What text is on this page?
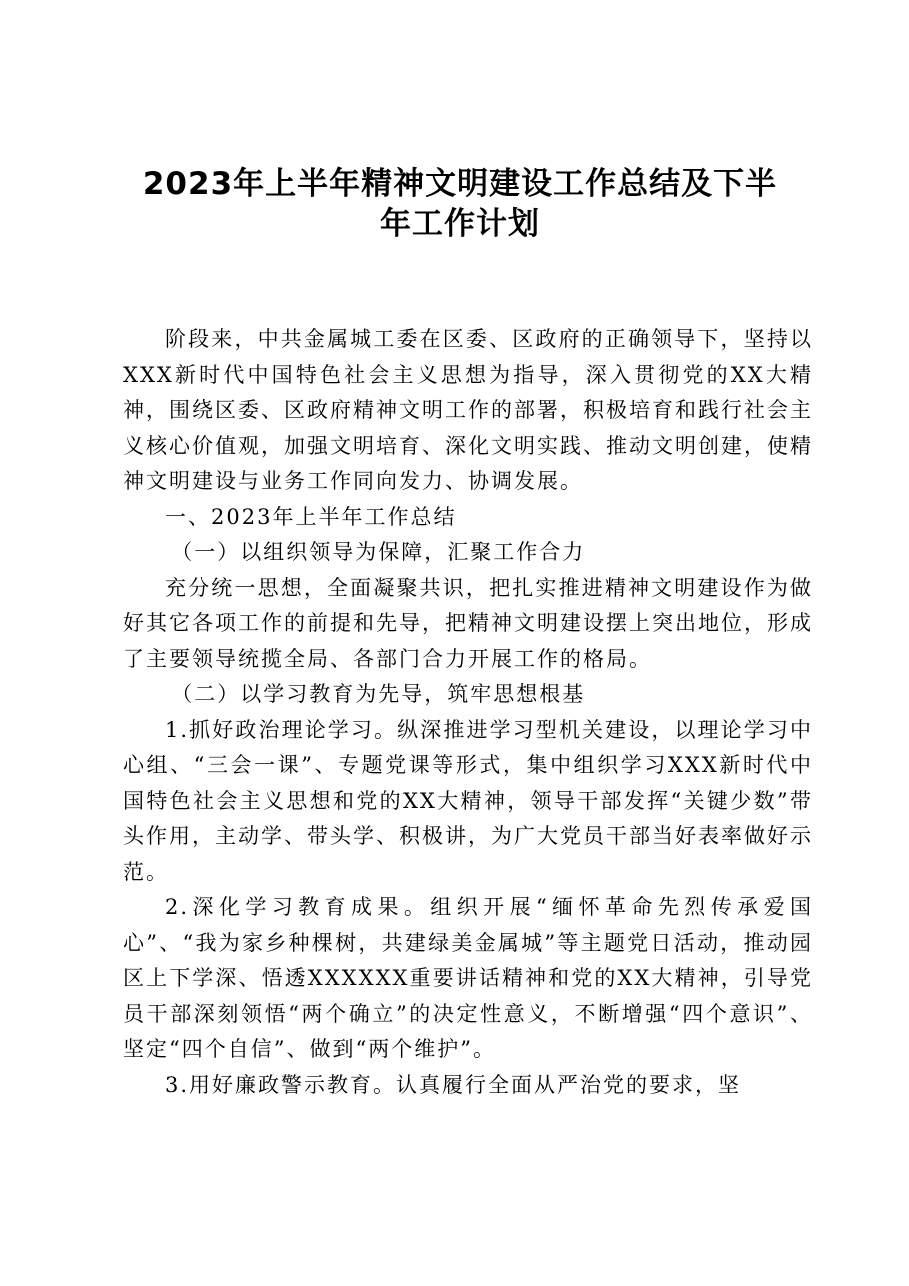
2023年上半年精神文明建设工作总结及下半
年工作计划

阶段来，中共金属城工委在区委、区政府的正确领导下，坚持以XXX新时代中国特色社会主义思想为指导，深入贯彻党的XX大精神，围绕区委、区政府精神文明工作的部署，积极培育和践行社会主义核心价值观，加强文明培育、深化文明实践、推动文明创建，使精神文明建设与业务工作同向发力、协调发展。

一、2023年上半年工作总结

（一）以组织领导为保障，汇聚工作合力

充分统一思想，全面凝聚共识，把扎实推进精神文明建设作为做好其它各项工作的前提和先导，把精神文明建设摆上突出地位，形成了主要领导统揽全局、各部门合力开展工作的格局。

（二）以学习教育为先导，筑牢思想根基

1.抓好政治理论学习。纵深推进学习型机关建设，以理论学习中心组、“三会一课”、专题党课等形式，集中组织学习XXX新时代中国特色社会主义思想和党的XX大精神，领导干部发挥“关键少数”带头作用，主动学、带头学、积极讲，为广大党员干部当好表率做好示范。

2.深化学习教育成果。组织开展“缅怀革命先烈传承爱国心”、“我为家乡种棵树，共建绿美金属城”等主题党日活动，推动园区上下学深、悟透XXXXXX重要讲话精神和党的XX大精神，引导党员干部深刻领悟“两个确立”的决定性意义，不断增强“四个意识”、坚定“四个自信”、做到“两个维护”。

3.用好廉政警示教育。认真履行全面从严治党的要求，坚
